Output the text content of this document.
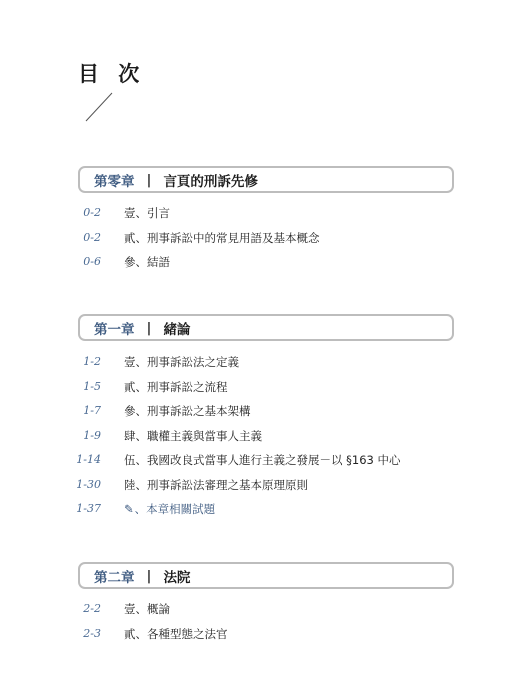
目 次
第零章 | 言頁的刑訴先修
0-2 壹、引言
0-2 貳、刑事訴訟中的常見用語及基本概念
0-6 參、結語
第一章 | 緒論
1-2 壹、刑事訴訟法之定義
1-5 貳、刑事訴訟之流程
1-7 參、刑事訴訟之基本架構
1-9 肆、職權主義與當事人主義
1-14 伍、我國改良式當事人進行主義之發展－以 §163 中心
1-30 陸、刑事訴訟法審理之基本原理原則
1-37 ✎、本章相關試題
第二章 | 法院
2-2 壹、概論
2-3 貳、各種型態之法官
